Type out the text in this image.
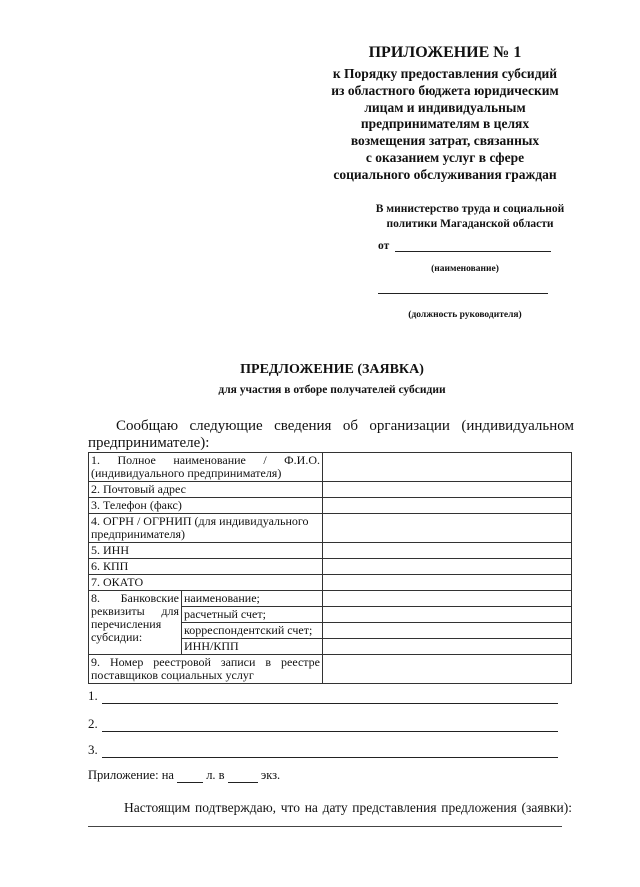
ПРИЛОЖЕНИЕ № 1
к Порядку предоставления субсидий
из областного бюджета юридическим
лицам и индивидуальным
предпринимателям в целях
возмещения затрат, связанных
с оказанием услуг в сфере
социального обслуживания граждан
В министерство труда и социальной
политики Магаданской области
от
(наименование)
(должность руководителя)
ПРЕДЛОЖЕНИЕ (ЗАЯВКА)
для участия в отборе получателей субсидии
Сообщаю следующие сведения об организации (индивидуальном
предпринимателе):
1. Полное наименование / Ф.И.О. (индивидуального предпринимателя)		
2. Почтовый адрес		
3. Телефон (факс)		
4. ОГРН / ОГРНИП (для индивидуального предпринимателя)		
5. ИНН		
6. КПП		
7. ОКАТО		
8. Банковские реквизиты для перечисления субсидии:	наименование;	
	расчетный счет;	
	корреспондентский счет;	
	ИНН/КПП	
9. Номер реестровой записи в реестре поставщиков социальных услуг		
1.
2.
3.
Приложение: на	л. в	экз.
Настоящим подтверждаю, что на дату представления предложения (заявки):
